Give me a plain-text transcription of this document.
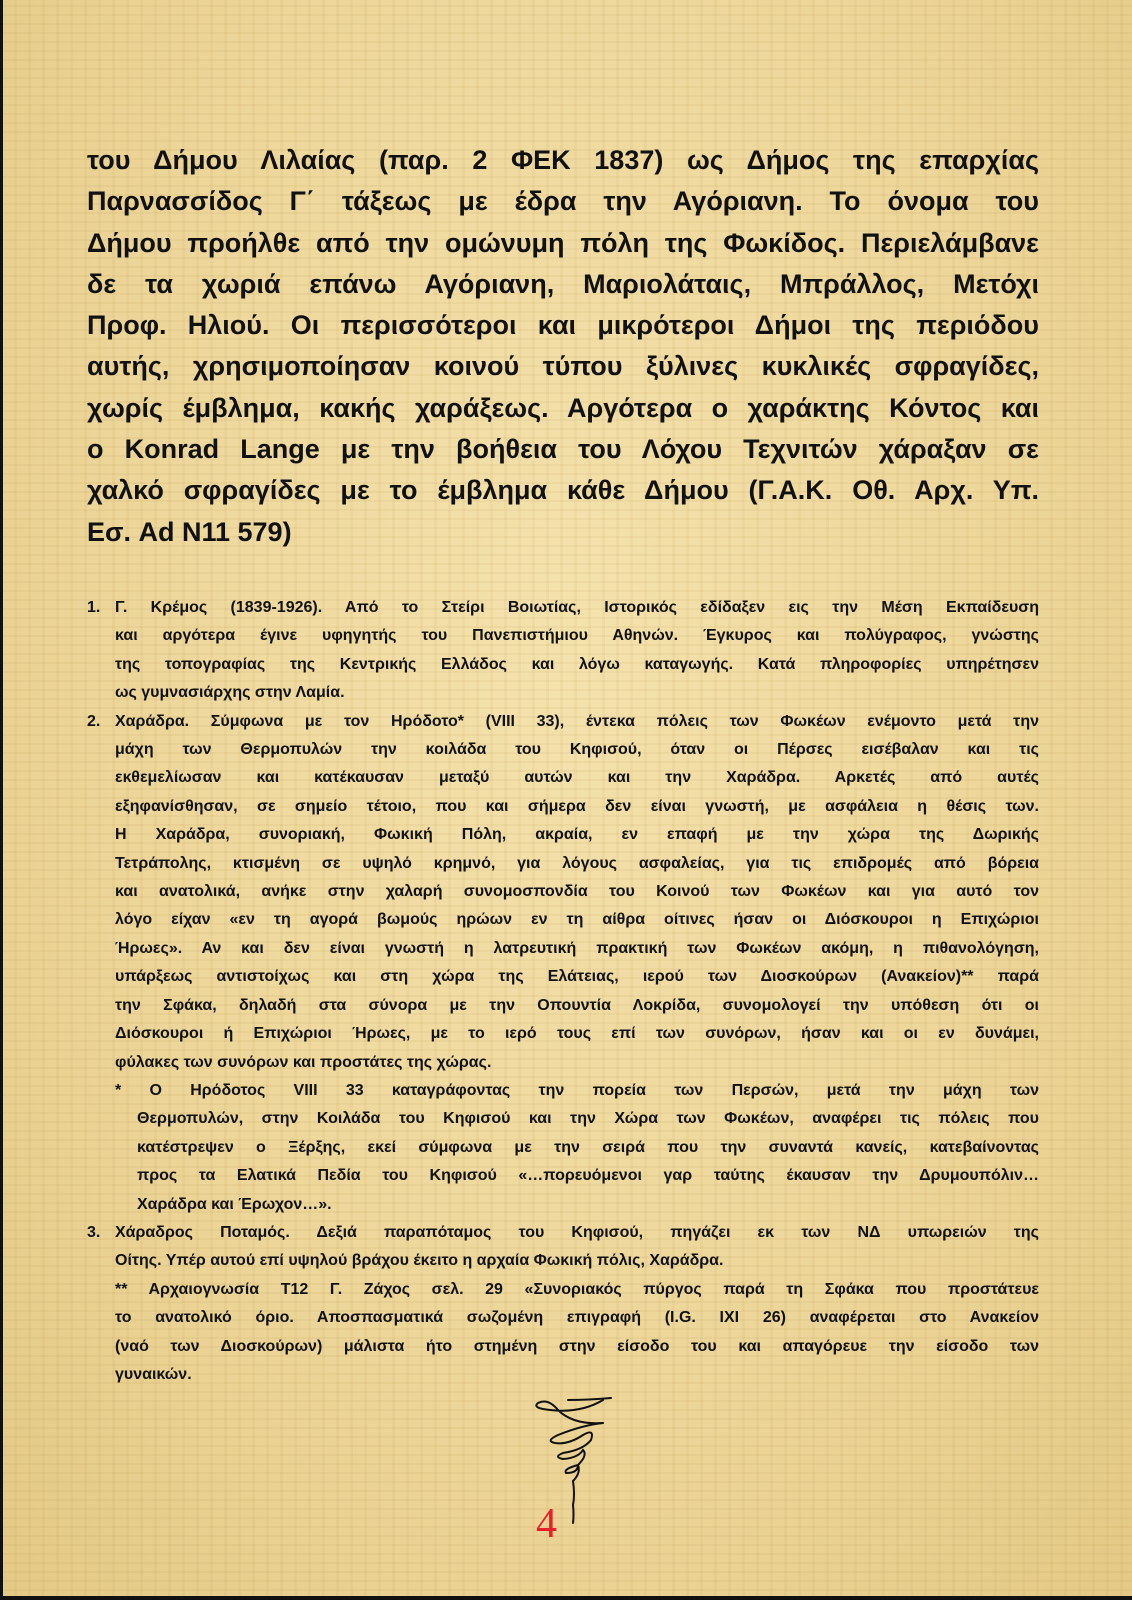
του Δήμου Λιλαίας (παρ. 2 ΦΕΚ 1837) ως Δήμος της επαρχίας
Παρνασσίδος Γ΄ τάξεως με έδρα την Αγόριανη. Το όνομα του
Δήμου προήλθε από την ομώνυμη πόλη της Φωκίδος. Περιελάμβανε
δε τα χωριά επάνω Αγόριανη, Μαριολάταις, Μπράλλος, Μετόχι
Προφ. Ηλιού. Οι περισσότεροι και μικρότεροι Δήμοι της περιόδου
αυτής, χρησιμοποίησαν κοινού τύπου ξύλινες κυκλικές σφραγίδες,
χωρίς έμβλημα, κακής χαράξεως. Αργότερα ο χαράκτης Κόντος και
ο Konrad Lange με την βοήθεια του Λόχου Τεχνιτών χάραξαν σε
χαλκό σφραγίδες με το έμβλημα κάθε Δήμου (Γ.Α.Κ. Οθ. Αρχ. Υπ.
Εσ. Ad N11 579)
1. Γ. Κρέμος (1839-1926). Από το Στείρι Βοιωτίας, Ιστορικός εδίδαξεν εις την Μέση Εκπαίδευση
και αργότερα έγινε υφηγητής του Πανεπιστήμιου Αθηνών. Έγκυρος και πολύγραφος, γνώστης
της τοπογραφίας της Κεντρικής Ελλάδος και λόγω καταγωγής. Κατά πληροφορίες υπηρέτησεν
ως γυμνασιάρχης στην Λαμία.
2. Χαράδρα. Σύμφωνα με τον Ηρόδοτο* (VIII 33), έντεκα πόλεις των Φωκέων ενέμοντο μετά την
μάχη των Θερμοπυλών την κοιλάδα του Κηφισού, όταν οι Πέρσες εισέβαλαν και τις
εκθεμελίωσαν και κατέκαυσαν μεταξύ αυτών και την Χαράδρα. Αρκετές από αυτές
εξηφανίσθησαν, σε σημείο τέτοιο, που και σήμερα δεν είναι γνωστή, με ασφάλεια η θέσις των.
Η Χαράδρα, συνοριακή, Φωκική Πόλη, ακραία, εν επαφή με την χώρα της Δωρικής
Τετράπολης, κτισμένη σε υψηλό κρημνό, για λόγους ασφαλείας, για τις επιδρομές από βόρεια
και ανατολικά, ανήκε στην χαλαρή συνομοσπονδία του Κοινού των Φωκέων και για αυτό τον
λόγο είχαν «εν τη αγορά βωμούς ηρώων εν τη αίθρα οίτινες ήσαν οι Διόσκουροι η Επιχώριοι
Ήρωες». Αν και δεν είναι γνωστή η λατρευτική πρακτική των Φωκέων ακόμη, η πιθανολόγηση,
υπάρξεως αντιστοίχως και στη χώρα της Ελάτειας, ιερού των Διοσκούρων (Ανακείον)** παρά
την Σφάκα, δηλαδή στα σύνορα με την Οπουντία Λοκρίδα, συνομολογεί την υπόθεση ότι οι
Διόσκουροι ή Επιχώριοι Ήρωες, με το ιερό τους επί των συνόρων, ήσαν και οι εν δυνάμει,
φύλακες των συνόρων και προστάτες της χώρας.
* Ο Ηρόδοτος VIII 33 καταγράφοντας την πορεία των Περσών, μετά την μάχη των
Θερμοπυλών, στην Κοιλάδα του Κηφισού και την Χώρα των Φωκέων, αναφέρει τις πόλεις που
κατέστρεψεν ο Ξέρξης, εκεί σύμφωνα με την σειρά που την συναντά κανείς, κατεβαίνοντας
προς τα Ελατικά Πεδία του Κηφισού «…πορευόμενοι γαρ ταύτης έκαυσαν την Δρυμουπόλιν…
Χαράδρα και Έρωχον…».
3. Χάραδρος Ποταμός. Δεξιά παραπόταμος του Κηφισού, πηγάζει εκ των ΝΔ υπωρειών της
Οίτης. Υπέρ αυτού επί υψηλού βράχου έκειτο η αρχαία Φωκική πόλις, Χαράδρα.
** Αρχαιογνωσία Τ12 Γ. Ζάχος σελ. 29 «Συνοριακός πύργος παρά τη Σφάκα που προστάτευε
το ανατολικό όριο. Αποσπασματικά σωζομένη επιγραφή (I.G. IXI 26) αναφέρεται στο Ανακείον
(ναό των Διοσκούρων) μάλιστα ήτο στημένη στην είσοδο του και απαγόρευε την είσοδο των
γυναικών.
4
